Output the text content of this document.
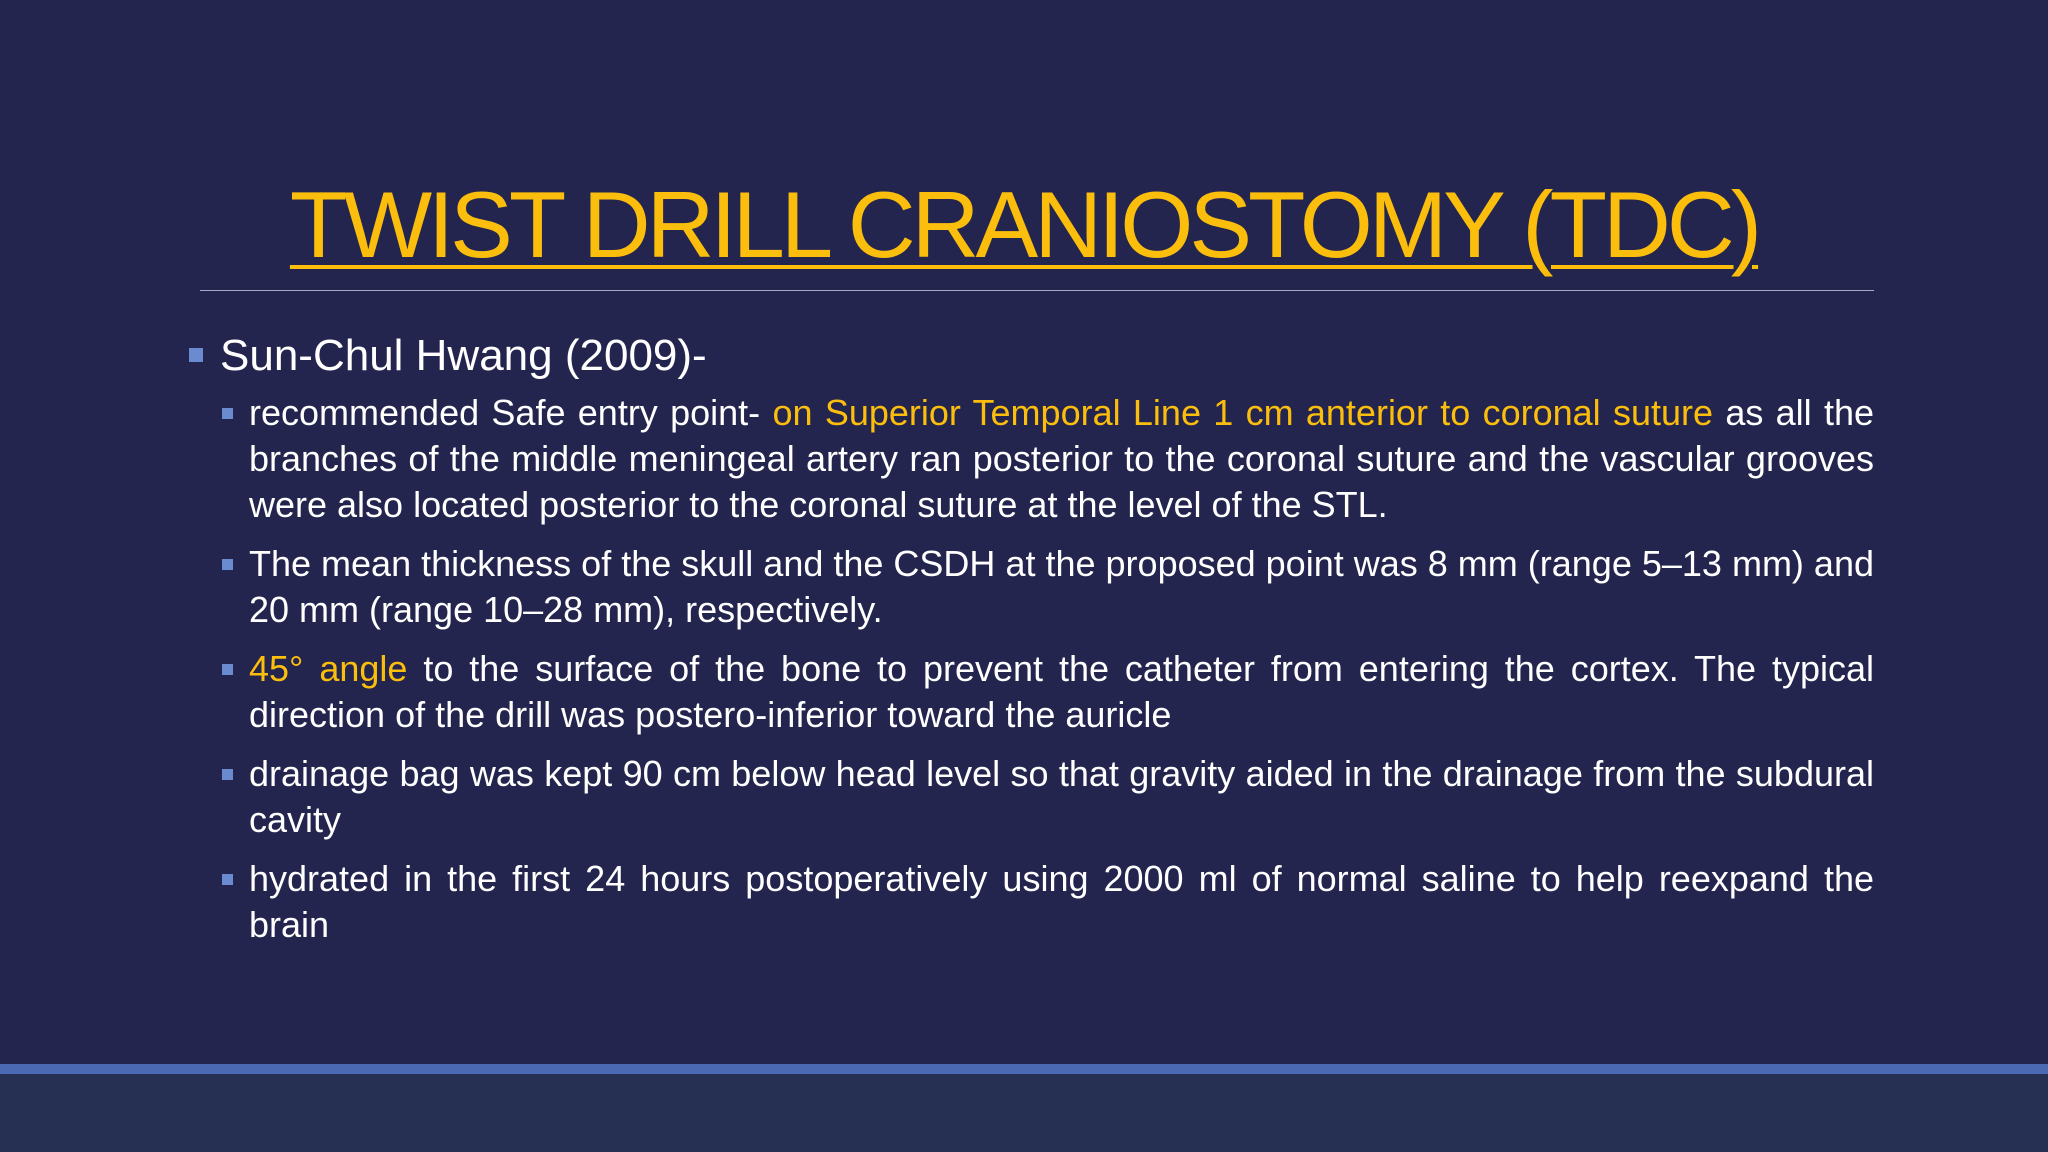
TWIST DRILL CRANIOSTOMY (TDC)
Sun-Chul Hwang (2009)-
recommended Safe entry point- on Superior Temporal Line 1 cm anterior to coronal suture as all the branches of the middle meningeal artery ran posterior to the coronal suture and the vascular grooves were also located posterior to the coronal suture at the level of the STL.
The mean thickness of the skull and the CSDH at the proposed point was 8 mm (range 5–13 mm) and 20 mm (range 10–28 mm), respectively.
45° angle to the surface of the bone to prevent the catheter from entering the cortex. The typical direction of the drill was postero-inferior toward the auricle
drainage bag was kept 90 cm below head level so that gravity aided in the drainage from the subdural cavity
hydrated in the first 24 hours postoperatively using 2000 ml of normal saline to help reexpand the brain
